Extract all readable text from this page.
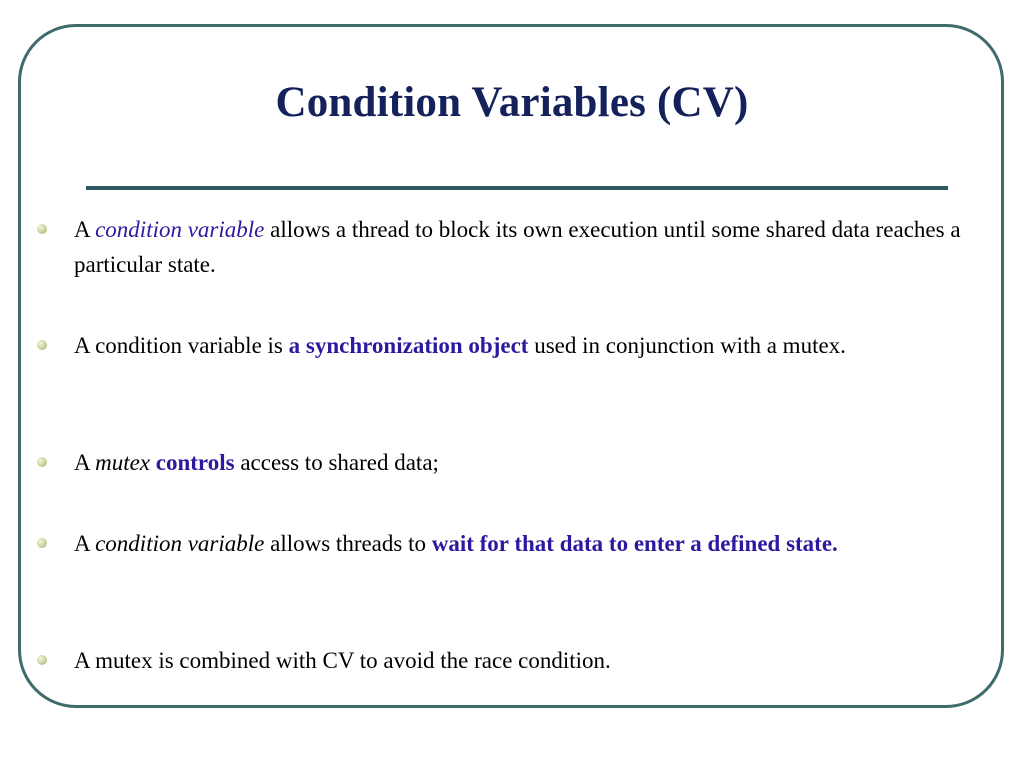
Condition Variables (CV)
A condition variable allows a thread to block its own execution until some shared data reaches a particular state.
A condition variable is a synchronization object used in conjunction with a mutex.
A mutex controls access to shared data;
A condition variable allows threads to wait for that data to enter a defined state.
A mutex is combined with CV to avoid the race condition.
